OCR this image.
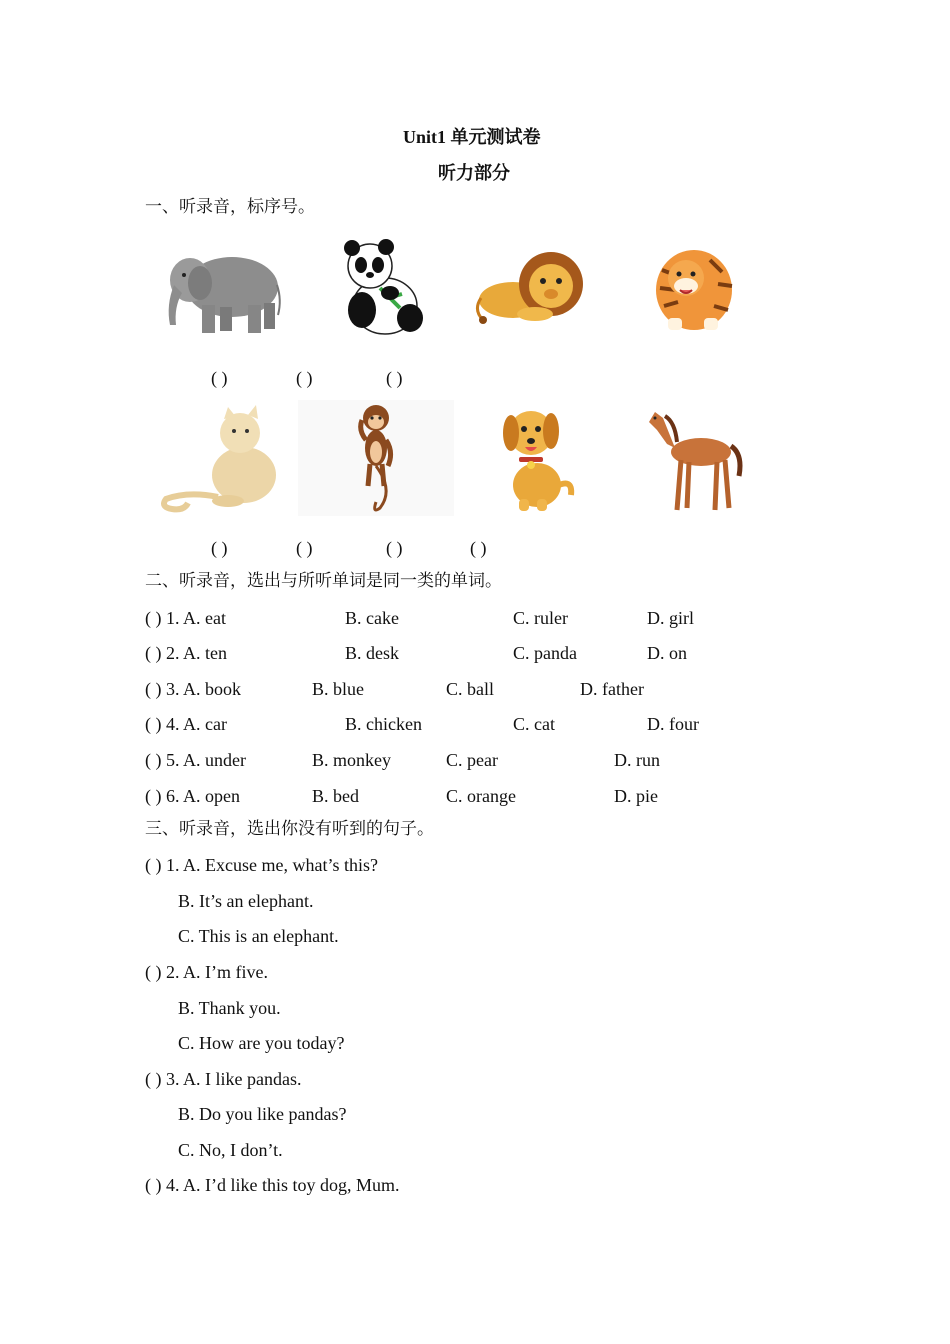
Unit1 单元测试卷
听力部分
一、听录音，标序号。
( )	( )	( )
( )	( )	( )	( )
二、听录音，选出与所听单词是同一类的单词。
( ) 1. A. eat	B. cake	C. ruler	D. girl
( ) 2. A. ten	B. desk	C. panda	D. on
( ) 3. A. book	B. blue	C. ball	D. father
( ) 4. A. car	B. chicken	C. cat	D. four
( ) 5. A. under	B. monkey	C. pear	D. run
( ) 6. A. open	B. bed	C. orange	D. pie
三、听录音，选出你没有听到的句子。
( ) 1. A. Excuse me, what’s this?
B. It’s an elephant.
C. This is an elephant.
( ) 2. A. I’m five.
B. Thank you.
C. How are you today?
( ) 3. A. I like pandas.
B. Do you like pandas?
C. No, I don’t.
( ) 4. A. I’d like this toy dog, Mum.
